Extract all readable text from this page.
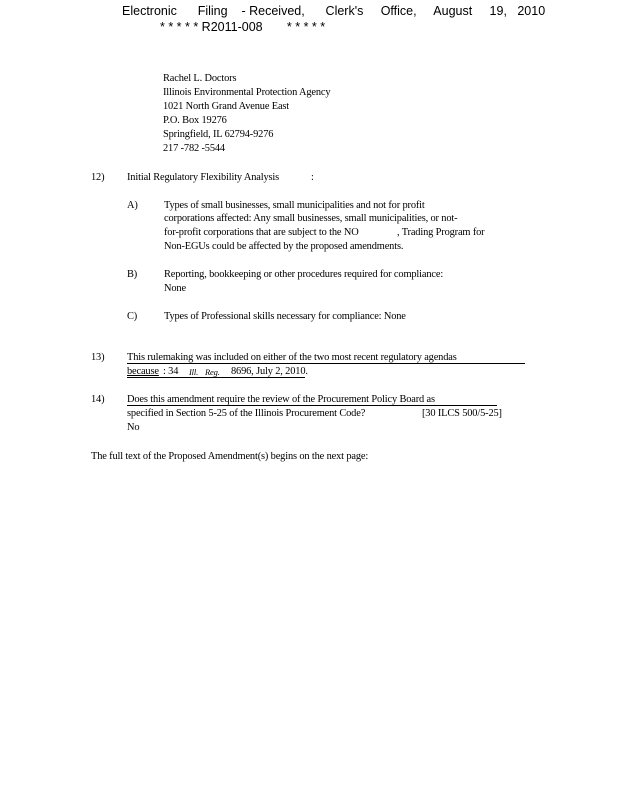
Electronic      Filing    - Received,      Clerk's     Office,     August     19,   2010
* * * * * R2011-008       * * * * *
Rachel L. Doctors
Illinois Environmental Protection Agency
1021 North Grand Avenue East
P.O. Box 19276
Springfield, IL 62794-9276
217 -782 -5544
12) Initial Regulatory Flexibility Analysis	:
A)	Types of small businesses, small municipalities and not for profit
corporations affected: Any small businesses, small municipalities, or not-
for-profit corporations that are subject to the NO	, Trading Program for
Non-EGUs could be affected by the proposed amendments.
B)	Reporting, bookkeeping or other procedures required for compliance:
None
C)	Types of Professional skills necessary for compliance: None
13) This rulemaking was included on either of the two most recent regulatory agendas
because : 34 Ill. Reg. 8696, July 2, 2010.
14) Does this amendment require the review of the Procurement Policy Board as
specified in Section 5-25 of the Illinois Procurement Code?	[30 ILCS 500/5-25]
No
The full text of the Proposed Amendment(s) begins on the next page:
